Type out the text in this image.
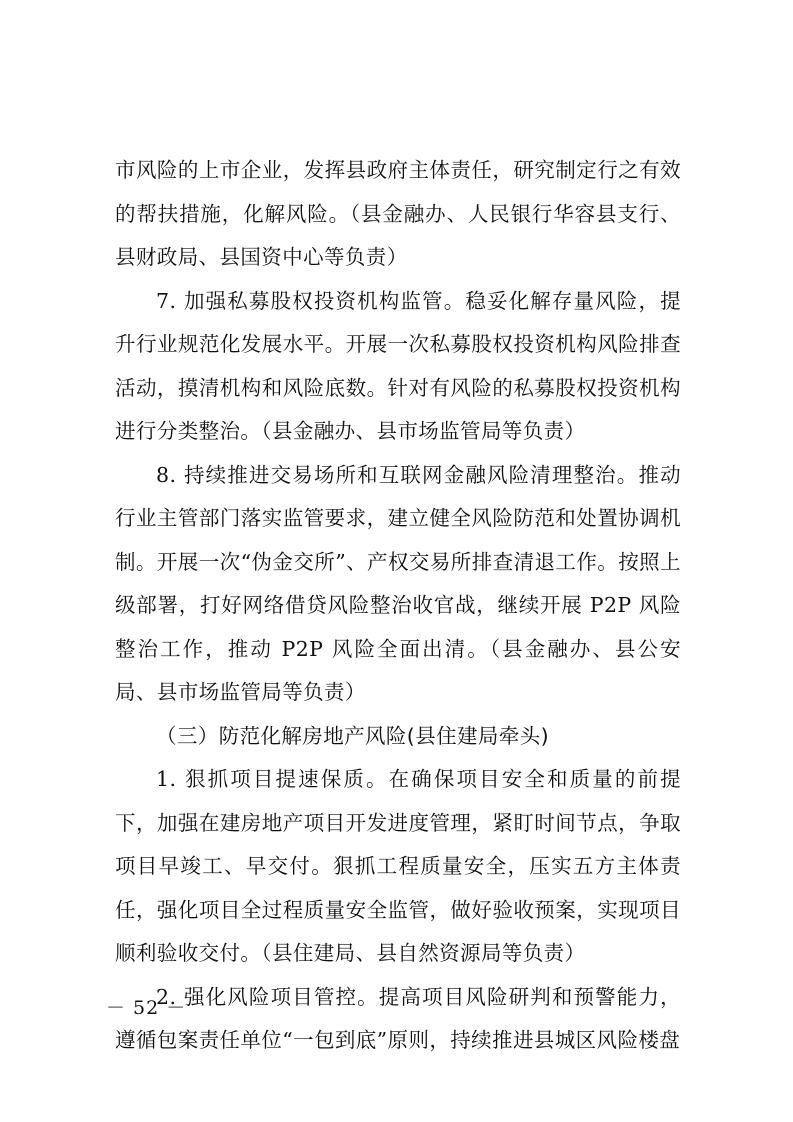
市风险的上市企业，发挥县政府主体责任，研究制定行之有效的帮扶措施，化解风险。（县金融办、人民银行华容县支行、县财政局、县国资中心等负责）

7. 加强私募股权投资机构监管。稳妥化解存量风险，提升行业规范化发展水平。开展一次私募股权投资机构风险排查活动，摸清机构和风险底数。针对有风险的私募股权投资机构进行分类整治。（县金融办、县市场监管局等负责）

8. 持续推进交易场所和互联网金融风险清理整治。推动行业主管部门落实监管要求，建立健全风险防范和处置协调机制。开展一次“伪金交所”、产权交易所排查清退工作。按照上级部署，打好网络借贷风险整治收官战，继续开展 P2P 风险整治工作，推动 P2P 风险全面出清。（县金融办、县公安局、县市场监管局等负责）

（三）防范化解房地产风险(县住建局牵头)

1. 狠抓项目提速保质。在确保项目安全和质量的前提下，加强在建房地产项目开发进度管理，紧盯时间节点，争取项目早竣工、早交付。狠抓工程质量安全，压实五方主体责任，强化项目全过程质量安全监管，做好验收预案，实现项目顺利验收交付。（县住建局、县自然资源局等负责）

2. 强化风险项目管控。提高项目风险研判和预警能力，遵循包案责任单位“一包到底”原则，持续推进县城区风险楼盘

－ 52 －
